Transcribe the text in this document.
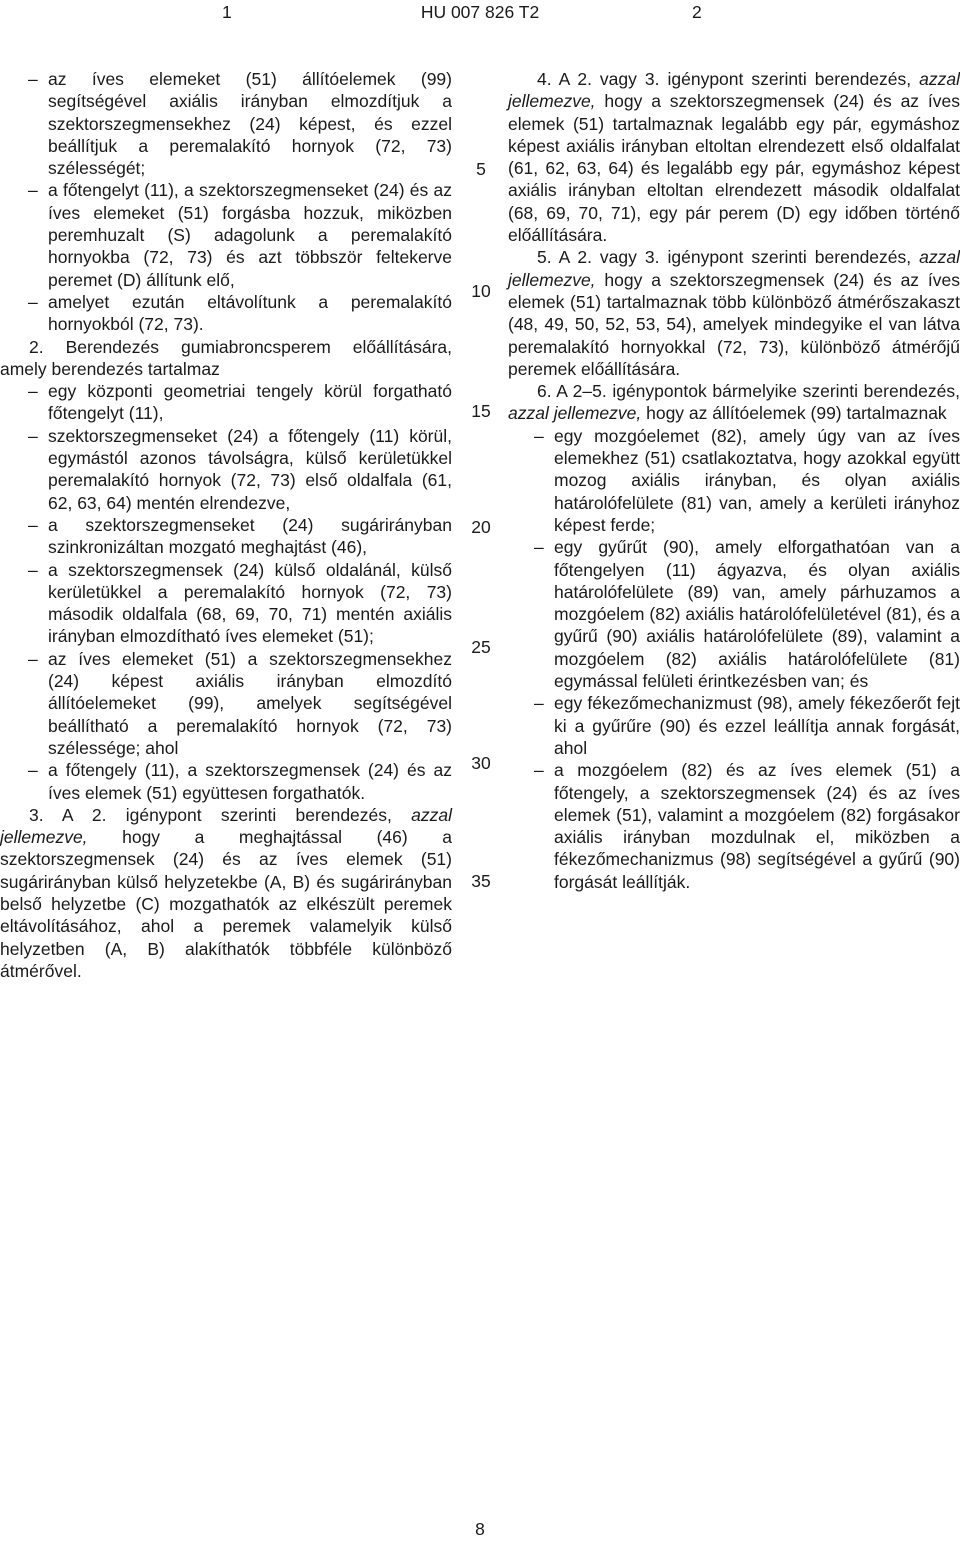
1	HU 007 826 T2	2
– az íves elemeket (51) állítóelemek (99) segítségével axiális irányban elmozdítjuk a szektorszegmensekhez (24) képest, és ezzel beállítjuk a peremalakító hornyok (72, 73) szélességét;
– a főtengelyt (11), a szektorszegmenseket (24) és az íves elemeket (51) forgásba hozzuk, miközben peremhuzalt (S) adagolunk a peremalakító hornyokba (72, 73) és azt többször feltekerve peremet (D) állítunk elő,
– amelyet ezután eltávolítunk a peremalakító hornyokból (72, 73).

2. Berendezés gumiabroncsperem előállítására, amely berendezés tartalmaz

– egy központi geometriai tengely körül forgatható főtengelyt (11),
– szektorszegmenseket (24) a főtengely (11) körül, egymástól azonos távolságra, külső kerületükkel peremalakító hornyok (72, 73) első oldalfala (61, 62, 63, 64) mentén elrendezve,
– a szektorszegmenseket (24) sugárirányban szinkronizáltan mozgató meghajtást (46),
– a szektorszegmensek (24) külső oldalánál, külső kerületükkel a peremalakító hornyok (72, 73) második oldalfala (68, 69, 70, 71) mentén axiális irányban elmozdítható íves elemeket (51);
– az íves elemeket (51) a szektorszegmensekhez (24) képest axiális irányban elmozdító állítóelemeket (99), amelyek segítségével beállítható a peremalakító hornyok (72, 73) szélessége; ahol
– a főtengely (11), a szektorszegmensek (24) és az íves elemek (51) együttesen forgathatók.

3. A 2. igénypont szerinti berendezés, azzal jellemezve, hogy a meghajtással (46) a szektorszegmensek (24) és az íves elemek (51) sugárirányban külső helyzetekbe (A, B) és sugárirányban belső helyzetbe (C) mozgathatók az elkészült peremek eltávolításához, ahol a peremek valamelyik külső helyzetben (A, B) alakíthatók többféle különböző átmérővel.

5
10
15
20
25
30
35

4. A 2. vagy 3. igénypont szerinti berendezés, azzal jellemezve, hogy a szektorszegmensek (24) és az íves elemek (51) tartalmaznak legalább egy pár, egymáshoz képest axiális irányban eltoltan elrendezett első oldalfalat (61, 62, 63, 64) és legalább egy pár, egymáshoz képest axiális irányban eltoltan elrendezett második oldalfalat (68, 69, 70, 71), egy pár perem (D) egy időben történő előállítására.

5. A 2. vagy 3. igénypont szerinti berendezés, azzal jellemezve, hogy a szektorszegmensek (24) és az íves elemek (51) tartalmaznak több különböző átmérőszakaszt (48, 49, 50, 52, 53, 54), amelyek mindegyike el van látva peremalakító hornyokkal (72, 73), különböző átmérőjű peremek előállítására.

6. A 2–5. igénypontok bármelyike szerinti berendezés, azzal jellemezve, hogy az állítóelemek (99) tartalmaznak

– egy mozgóelemet (82), amely úgy van az íves elemekhez (51) csatlakoztatva, hogy azokkal együtt mozog axiális irányban, és olyan axiális határolófelülete (81) van, amely a kerületi irányhoz képest ferde;
– egy gyűrűt (90), amely elforgathatóan van a főtengelyen (11) ágyazva, és olyan axiális határolófelülete (89) van, amely párhuzamos a mozgóelem (82) axiális határolófelületével (81), és a gyűrű (90) axiális határolófelülete (89), valamint a mozgóelem (82) axiális határolófelülete (81) egymással felületi érintkezésben van; és
– egy fékezőmechanizmust (98), amely fékezőerőt fejt ki a gyűrűre (90) és ezzel leállítja annak forgását, ahol
– a mozgóelem (82) és az íves elemek (51) a főtengely, a szektorszegmensek (24) és az íves elemek (51), valamint a mozgóelem (82) forgásakor axiális irányban mozdulnak el, miközben a fékezőmechanizmus (98) segítségével a gyűrű (90) forgását leállítják.
8
